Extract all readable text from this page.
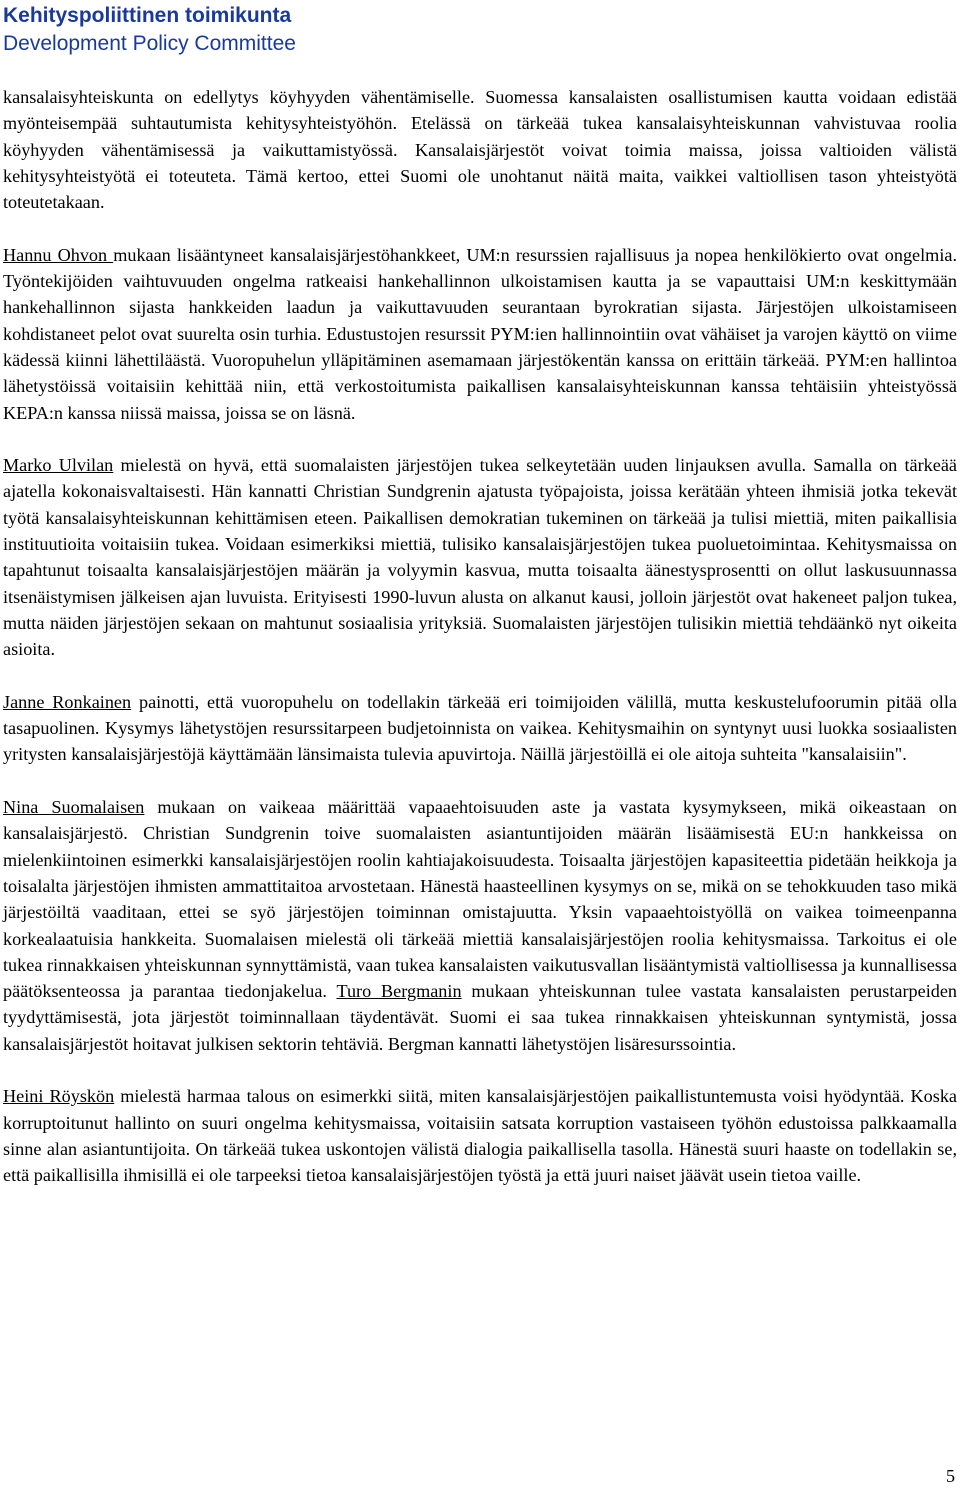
Kehityspoliittinen toimikunta
Development Policy Committee

kansalaisyhteiskunta on edellytys köyhyyden vähentämiselle. Suomessa kansalaisten osallistumisen kautta voidaan edistää myönteisempää suhtautumista kehitysyhteistyöhön. Etelässä on tärkeää tukea kansalaisyhteiskunnan vahvistuvaa roolia köyhyyden vähentämisessä ja vaikuttamistyössä. Kansalaisjärjestöt voivat toimia maissa, joissa valtioiden välistä kehitysyhteistyötä ei toteuteta. Tämä kertoo, ettei Suomi ole unohtanut näitä maita, vaikkei valtiollisen tason yhteistyötä toteutetakaan.

Hannu Ohvon mukaan lisääntyneet kansalaisjärjestöhankkeet, UM:n resurssien rajallisuus ja nopea henkilökierto ovat ongelmia. Työntekijöiden vaihtuvuuden ongelma ratkeaisi hankehallinnon ulkoistamisen kautta ja se vapauttaisi UM:n keskittymään hankehallinnon sijasta hankkeiden laadun ja vaikuttavuuden seurantaan byrokratian sijasta. Järjestöjen ulkoistamiseen kohdistaneet pelot ovat suurelta osin turhia. Edustustojen resurssit PYM:ien hallinnointiin ovat vähäiset ja varojen käyttö on viime kädessä kiinni lähettiläästä. Vuoropuhelun ylläpitäminen asemamaan järjestökentän kanssa on erittäin tärkeää. PYM:en hallintoa lähetystöissä voitaisiin kehittää niin, että verkostoitumista paikallisen kansalaisyhteiskunnan kanssa tehtäisiin yhteistyössä KEPA:n kanssa niissä maissa, joissa se on läsnä.

Marko Ulvilan mielestä on hyvä, että suomalaisten järjestöjen tukea selkeytetään uuden linjauksen avulla. Samalla on tärkeää ajatella kokonaisvaltaisesti. Hän kannatti Christian Sundgrenin ajatusta työpajoista, joissa kerätään yhteen ihmisiä jotka tekevät työtä kansalaisyhteiskunnan kehittämisen eteen. Paikallisen demokratian tukeminen on tärkeää ja tulisi miettiä, miten paikallisia instituutioita voitaisiin tukea. Voidaan esimerkiksi miettiä, tulisiko kansalaisjärjestöjen tukea puoluetoimintaa. Kehitysmaissa on tapahtunut toisaalta kansalaisjärjestöjen määrän ja volyymin kasvua, mutta toisaalta äänestysprosentti on ollut laskusuunnassa itsenäistymisen jälkeisen ajan luvuista. Erityisesti 1990-luvun alusta on alkanut kausi, jolloin järjestöt ovat hakeneet paljon tukea, mutta näiden järjestöjen sekaan on mahtunut sosiaalisia yrityksiä. Suomalaisten järjestöjen tulisikin miettiä tehdäänkö nyt oikeita asioita.

Janne Ronkainen painotti, että vuoropuhelu on todellakin tärkeää eri toimijoiden välillä, mutta keskustelufoorumin pitää olla tasapuolinen. Kysymys lähetystöjen resurssitarpeen budjetoinnista on vaikea. Kehitysmaihin on syntynyt uusi luokka sosiaalisten yritysten kansalaisjärjestöjä käyttämään länsimaista tulevia apuvirtoja. Näillä järjestöillä ei ole aitoja suhteita "kansalaisiin".

Nina Suomalaisen mukaan on vaikeaa määrittää vapaaehtoisuuden aste ja vastata kysymykseen, mikä oikeastaan on kansalaisjärjestö. Christian Sundgrenin toive suomalaisten asiantuntijoiden määrän lisäämisestä EU:n hankkeissa on mielenkiintoinen esimerkki kansalaisjärjestöjen roolin kahtiajakoisuudesta. Toisaalta järjestöjen kapasiteettia pidetään heikkoja ja toisalalta järjestöjen ihmisten ammattitaitoa arvostetaan. Hänestä haasteellinen kysymys on se, mikä on se tehokkuuden taso mikä järjestöiltä vaaditaan, ettei se syö järjestöjen toiminnan omistajuutta. Yksin vapaaehtoistyöllä on vaikea toimeenpanna korkealaatuisia hankkeita. Suomalaisen mielestä oli tärkeää miettiä kansalaisjärjestöjen roolia kehitysmaissa. Tarkoitus ei ole tukea rinnakkaisen yhteiskunnan synnyttämistä, vaan tukea kansalaisten vaikutusvallan lisääntymistä valtiollisessa ja kunnallisessa päätöksenteossa ja parantaa tiedonjakelua. Turo Bergmanin mukaan yhteiskunnan tulee vastata kansalaisten perustarpeiden tyydyttämisestä, jota järjestöt toiminnallaan täydentävät. Suomi ei saa tukea rinnakkaisen yhteiskunnan syntymistä, jossa kansalaisjärjestöt hoitavat julkisen sektorin tehtäviä. Bergman kannatti lähetystöjen lisäresurssointia.

Heini Röyskön mielestä harmaa talous on esimerkki siitä, miten kansalaisjärjestöjen paikallistuntemusta voisi hyödyntää. Koska korruptoitunut hallinto on suuri ongelma kehitysmaissa, voitaisiin satsata korruption vastaiseen työhön edustoissa palkkaamalla sinne alan asiantuntijoita. On tärkeää tukea uskontojen välistä dialogia paikallisella tasolla. Hänestä suuri haaste on todellakin se, että paikallisilla ihmisillä ei ole tarpeeksi tietoa kansalaisjärjestöjen työstä ja että juuri naiset jäävät usein tietoa vaille.

5
